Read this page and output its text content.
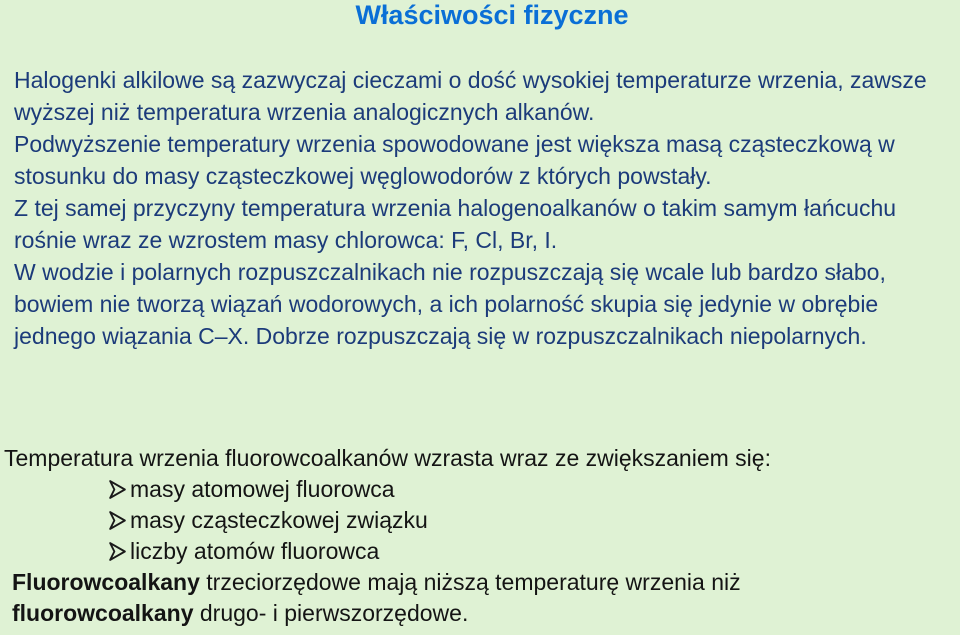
Właściwości fizyczne

Halogenki alkilowe są zazwyczaj cieczami o dość wysokiej temperaturze wrzenia, zawsze wyższej niż temperatura wrzenia analogicznych alkanów.

Podwyższenie temperatury wrzenia spowodowane jest większa masą cząsteczkową w stosunku do masy cząsteczkowej węglowodorów z których powstały.

Z tej samej przyczyny temperatura wrzenia halogenoalkanów o takim samym łańcuchu rośnie wraz ze wzrostem masy chlorowca: F, Cl, Br, I.

W wodzie i polarnych rozpuszczalnikach nie rozpuszczają się wcale lub bardzo słabo, bowiem nie tworzą wiązań wodorowych, a ich polarność skupia się jedynie w obrębie jednego wiązania C–X. Dobrze rozpuszczają się w rozpuszczalnikach niepolarnych.

Temperatura wrzenia fluorowcoalkanów wzrasta wraz ze zwiększaniem się:

masy atomowej fluorowca
masy cząsteczkowej związku
liczby atomów fluorowca

Fluorowcoalkany trzeciorzędowe mają niższą temperaturę wrzenia niż
fluorowcoalkany drugo- i pierwszorzędowe.
